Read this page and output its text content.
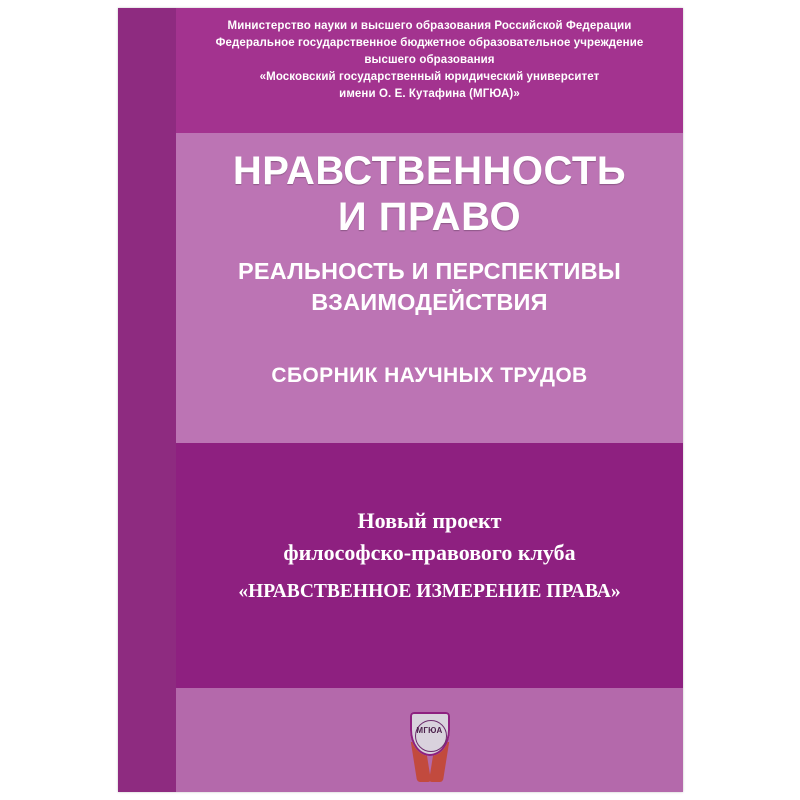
Министерство науки и высшего образования Российской Федерации
Федеральное государственное бюджетное образовательное учреждение
высшего образования
«Московский государственный юридический университет
имени О. Е. Кутафина (МГЮА)»
НРАВСТВЕННОСТЬ
И ПРАВО
РЕАЛЬНОСТЬ И ПЕРСПЕКТИВЫ
ВЗАИМОДЕЙСТВИЯ
СБОРНИК НАУЧНЫХ ТРУДОВ
Новый проект
философско-правового клуба
«НРАВСТВЕННОЕ ИЗМЕРЕНИЕ ПРАВА»
МГЮА
